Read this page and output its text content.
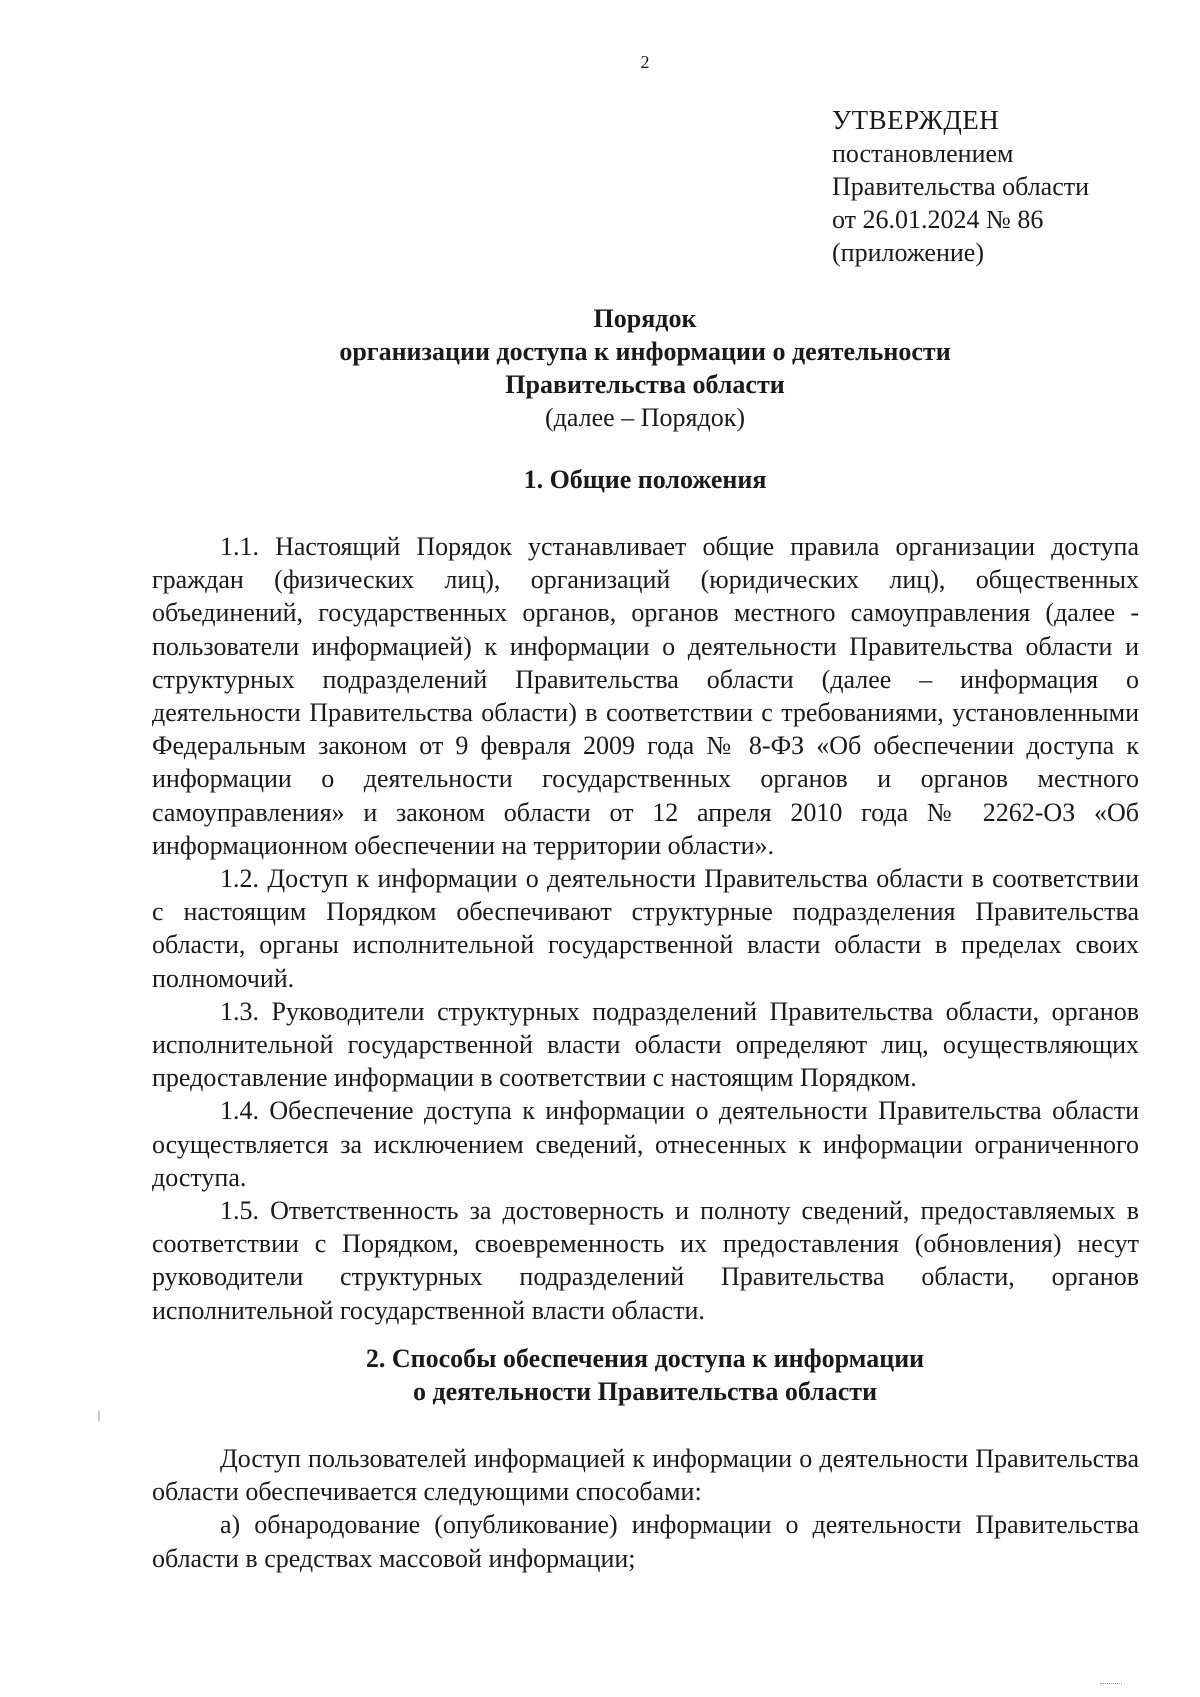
2
УТВЕРЖДЕН
постановлением
Правительства области
от 26.01.2024 № 86
(приложение)
Порядок
организации доступа к информации о деятельности
Правительства области
(далее – Порядок)
1. Общие положения

1.1. Настоящий Порядок устанавливает общие правила организации доступа граждан (физических лиц), организаций (юридических лиц), общественных объединений, государственных органов, органов местного самоуправления (далее - пользователи информацией) к информации о деятельности Правительства области и структурных подразделений Правительства области (далее – информация о деятельности Правительства области) в соответствии с требованиями, установленными Федеральным законом от 9 февраля 2009 года № 8-ФЗ «Об обеспечении доступа к информации о деятельности государственных органов и органов местного самоуправления» и законом области от 12 апреля 2010 года № 2262-ОЗ «Об информационном обеспечении на территории области».

1.2. Доступ к информации о деятельности Правительства области в соответствии с настоящим Порядком обеспечивают структурные подразделения Правительства области, органы исполнительной государственной власти области в пределах своих полномочий.

1.3. Руководители структурных подразделений Правительства области, органов исполнительной государственной власти области определяют лиц, осуществляющих предоставление информации в соответствии с настоящим Порядком.

1.4. Обеспечение доступа к информации о деятельности Правительства области осуществляется за исключением сведений, отнесенных к информации ограниченного доступа.

1.5. Ответственность за достоверность и полноту сведений, предоставляемых в соответствии с Порядком, своевременность их предоставления (обновления) несут руководители структурных подразделений Правительства области, органов исполнительной государственной власти области.

2. Способы обеспечения доступа к информации
о деятельности Правительства области

Доступ пользователей информацией к информации о деятельности Правительства области обеспечивается следующими способами:

а) обнародование (опубликование) информации о деятельности Правительства области в средствах массовой информации;
